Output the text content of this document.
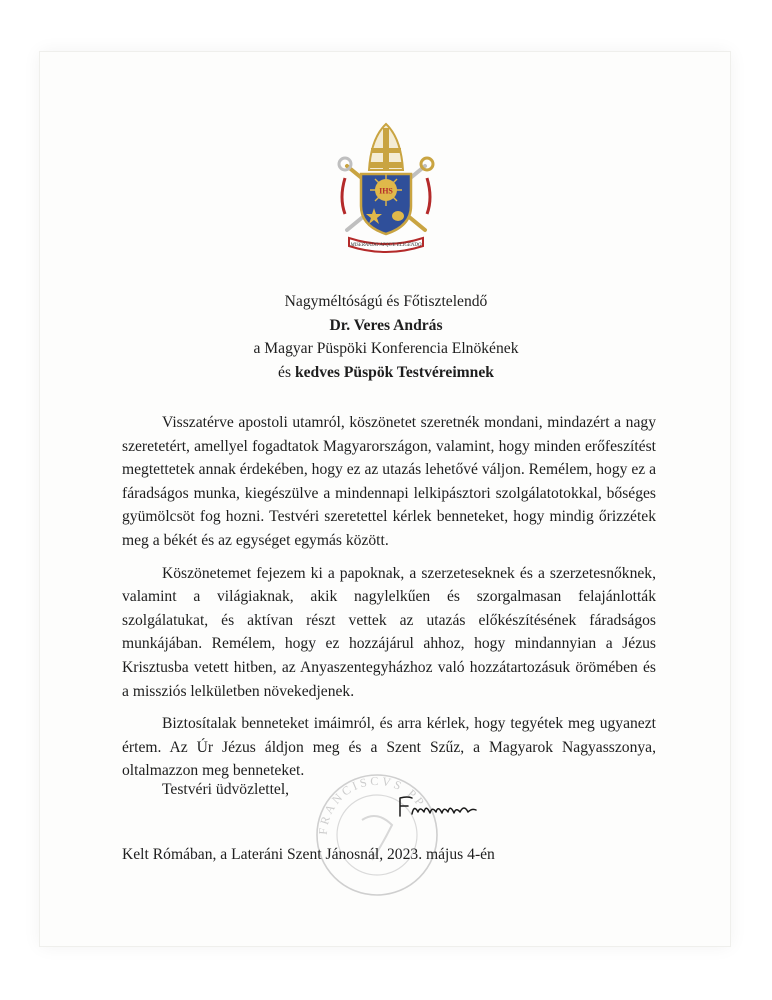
IHS
MISERANDO ATQUE ELIGENDO
Nagyméltóságú és Főtisztelendő
Dr. Veres András
a Magyar Püspöki Konferencia Elnökének
és kedves Püspök Testvéreimnek

Visszatérve apostoli utamról, köszönetet szeretnék mondani, mindazért a nagy szeretetért, amellyel fogadtatok Magyarországon, valamint, hogy minden erőfeszítést megtettetek annak érdekében, hogy ez az utazás lehetővé váljon. Remélem, hogy ez a fáradságos munka, kiegészülve a mindennapi lelkipásztori szolgálatotokkal, bőséges gyümölcsöt fog hozni. Testvéri szeretettel kérlek benneteket, hogy mindig őrizzétek meg a békét és az egységet egymás között.

Köszönetemet fejezem ki a papoknak, a szerzeteseknek és a szerzetesnőknek, valamint a világiaknak, akik nagylelkűen és szorgalmasan felajánlották szolgálatukat, és aktívan részt vettek az utazás előkészítésének fáradságos munkájában. Remélem, hogy ez hozzájárul ahhoz, hogy mindannyian a Jézus Krisztusba vetett hitben, az Anyaszentegyházhoz való hozzátartozásuk örömében és a missziós lelkületben növekedjenek.

Biztosítalak benneteket imáimról, és arra kérlek, hogy tegyétek meg ugyanezt értem. Az Úr Jézus áldjon meg és a Szent Szűz, a Magyarok Nagyasszonya, oltalmazzon meg benneteket.

FRANCISCVS PP
Testvéri üdvözlettel,
Kelt Rómában, a Lateráni Szent Jánosnál, 2023. május 4-én
